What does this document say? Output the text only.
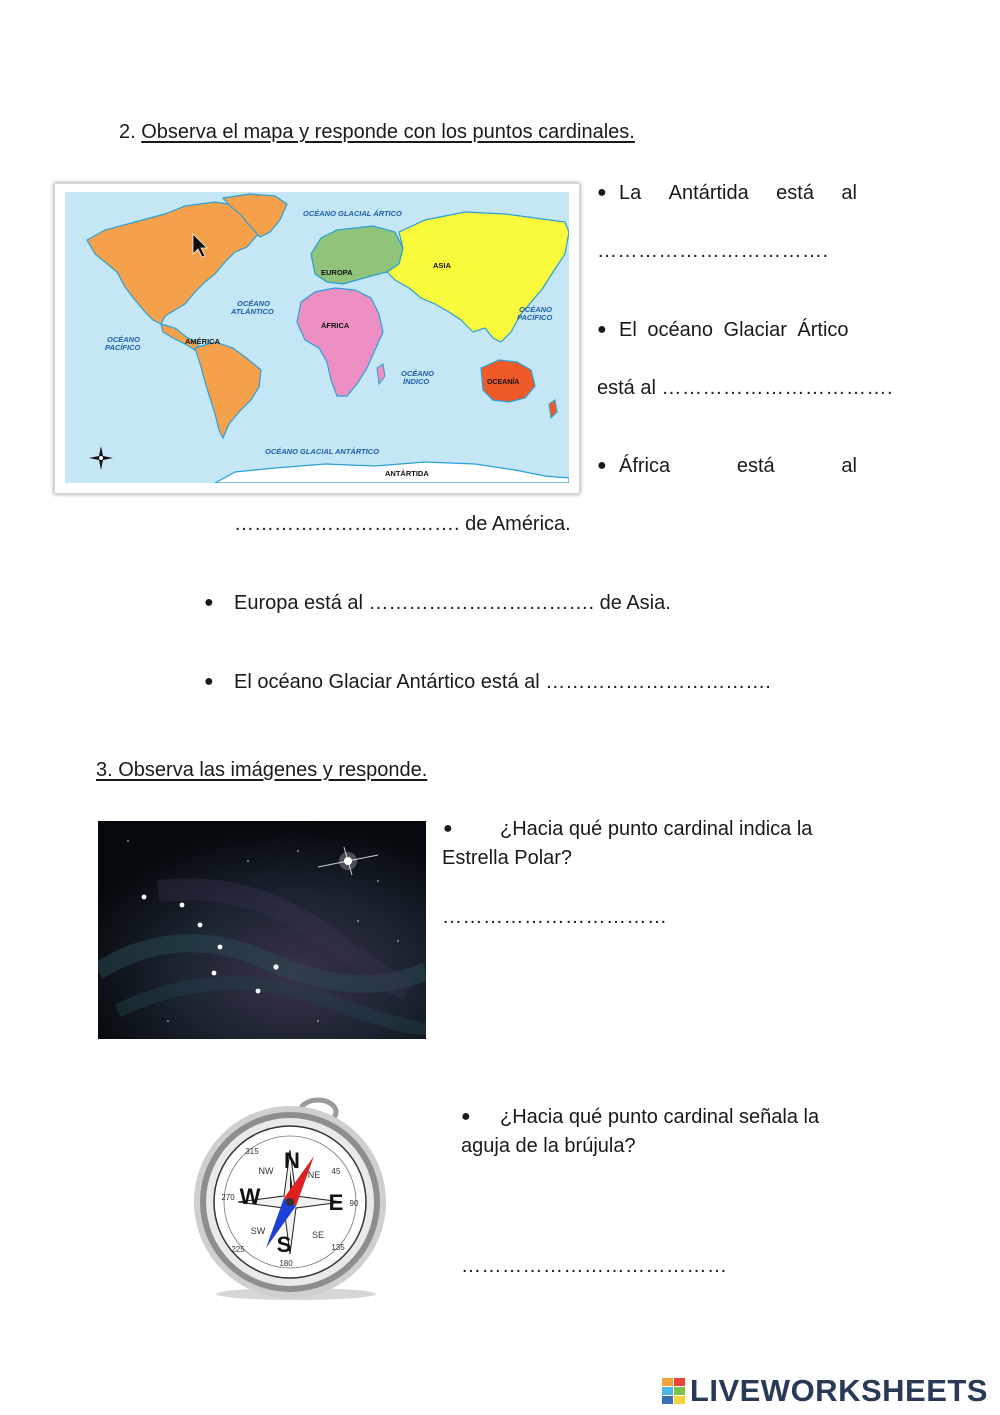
2. Observa el mapa y responde con los puntos cardinales.
OCÉANO GLACIAL ÁRTICO
OCÉANO
ATLÁNTICO
OCÉANO
PACÍFICO
OCÉANO
PACÍFICO
OCÉANO
ÍNDICO
OCÉANO GLACIAL ANTÁRTICO
EUROPA
ASIA
AMÉRICA
ÁFRICA
OCEANÍA
ANTÁRTIDA
● La Antártida está al
…………………………….
● El océano Glaciar Ártico
está al …………………………….
● África	está	al
……………………………. de América.
● Europa está al ……………………………. de Asia.
● El océano Glaciar Antártico está al …………………………….
3. Observa las imágenes y responde.
● ¿Hacia qué punto cardinal indica la
Estrella Polar?
……………………………
N
E
S
W
NE
SE
SW
NW	45
90
135
180
225
270
315
● ¿Hacia qué punto cardinal señala la
aguja de la brújula?
…………………………………
LIVEWORKSHEETS
